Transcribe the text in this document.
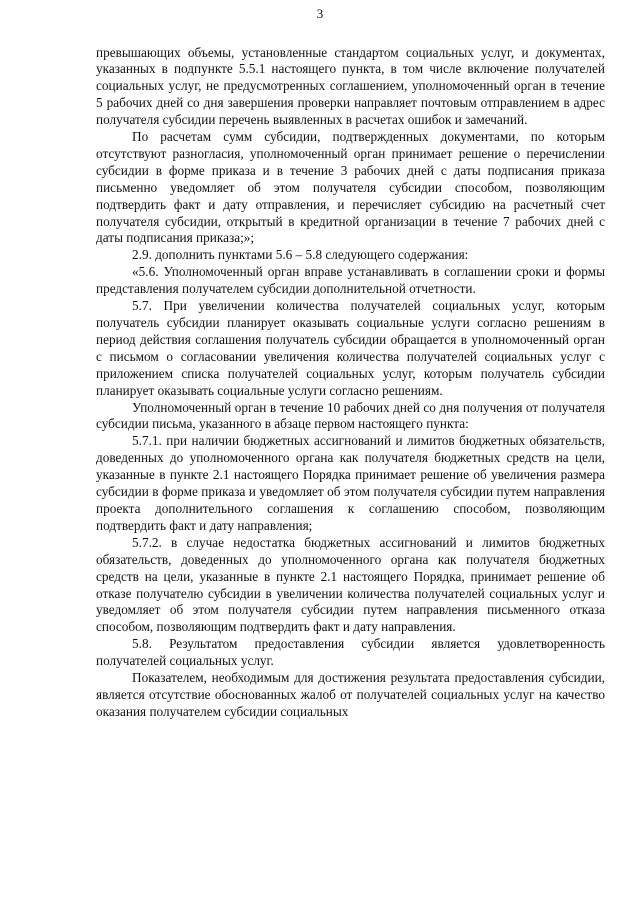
3

превышающих объемы, установленные стандартом социальных услуг, и документах, указанных в подпункте 5.5.1 настоящего пункта, в том числе включение получателей социальных услуг, не предусмотренных соглашением, уполномоченный орган в течение 5 рабочих дней со дня завершения проверки направляет почтовым отправлением в адрес получателя субсидии перечень выявленных в расчетах ошибок и замечаний.

По расчетам сумм субсидии, подтвержденных документами, по которым отсутствуют разногласия, уполномоченный орган принимает решение о перечислении субсидии в форме приказа и в течение 3 рабочих дней с даты подписания приказа письменно уведомляет об этом получателя субсидии способом, позволяющим подтвердить факт и дату отправления, и перечисляет субсидию на расчетный счет получателя субсидии, открытый в кредитной организации в течение 7 рабочих дней с даты подписания приказа;»;

2.9. дополнить пунктами 5.6 – 5.8 следующего содержания:

«5.6. Уполномоченный орган вправе устанавливать в соглашении сроки и формы представления получателем субсидии дополнительной отчетности.

5.7. При увеличении количества получателей социальных услуг, которым получатель субсидии планирует оказывать социальные услуги согласно решениям в период действия соглашения получатель субсидии обращается в уполномоченный орган с письмом о согласовании увеличения количества получателей социальных услуг с приложением списка получателей социальных услуг, которым получатель субсидии планирует оказывать социальные услуги согласно решениям.

Уполномоченный орган в течение 10 рабочих дней со дня получения от получателя субсидии письма, указанного в абзаце первом настоящего пункта:

5.7.1. при наличии бюджетных ассигнований и лимитов бюджетных обязательств, доведенных до уполномоченного органа как получателя бюджетных средств на цели, указанные в пункте 2.1 настоящего Порядка принимает решение об увеличения размера субсидии в форме приказа и уведомляет об этом получателя субсидии путем направления проекта дополнительного соглашения к соглашению способом, позволяющим подтвердить факт и дату направления;

5.7.2. в случае недостатка бюджетных ассигнований и лимитов бюджетных обязательств, доведенных до уполномоченного органа как получателя бюджетных средств на цели, указанные в пункте 2.1 настоящего Порядка, принимает решение об отказе получателю субсидии в увеличении количества получателей социальных услуг и уведомляет об этом получателя субсидии путем направления письменного отказа способом, позволяющим подтвердить факт и дату направления.

5.8. Результатом предоставления субсидии является удовлетворенность получателей социальных услуг.

Показателем, необходимым для достижения результата предоставления субсидии, является отсутствие обоснованных жалоб от получателей социальных услуг на качество оказания получателем субсидии социальных
